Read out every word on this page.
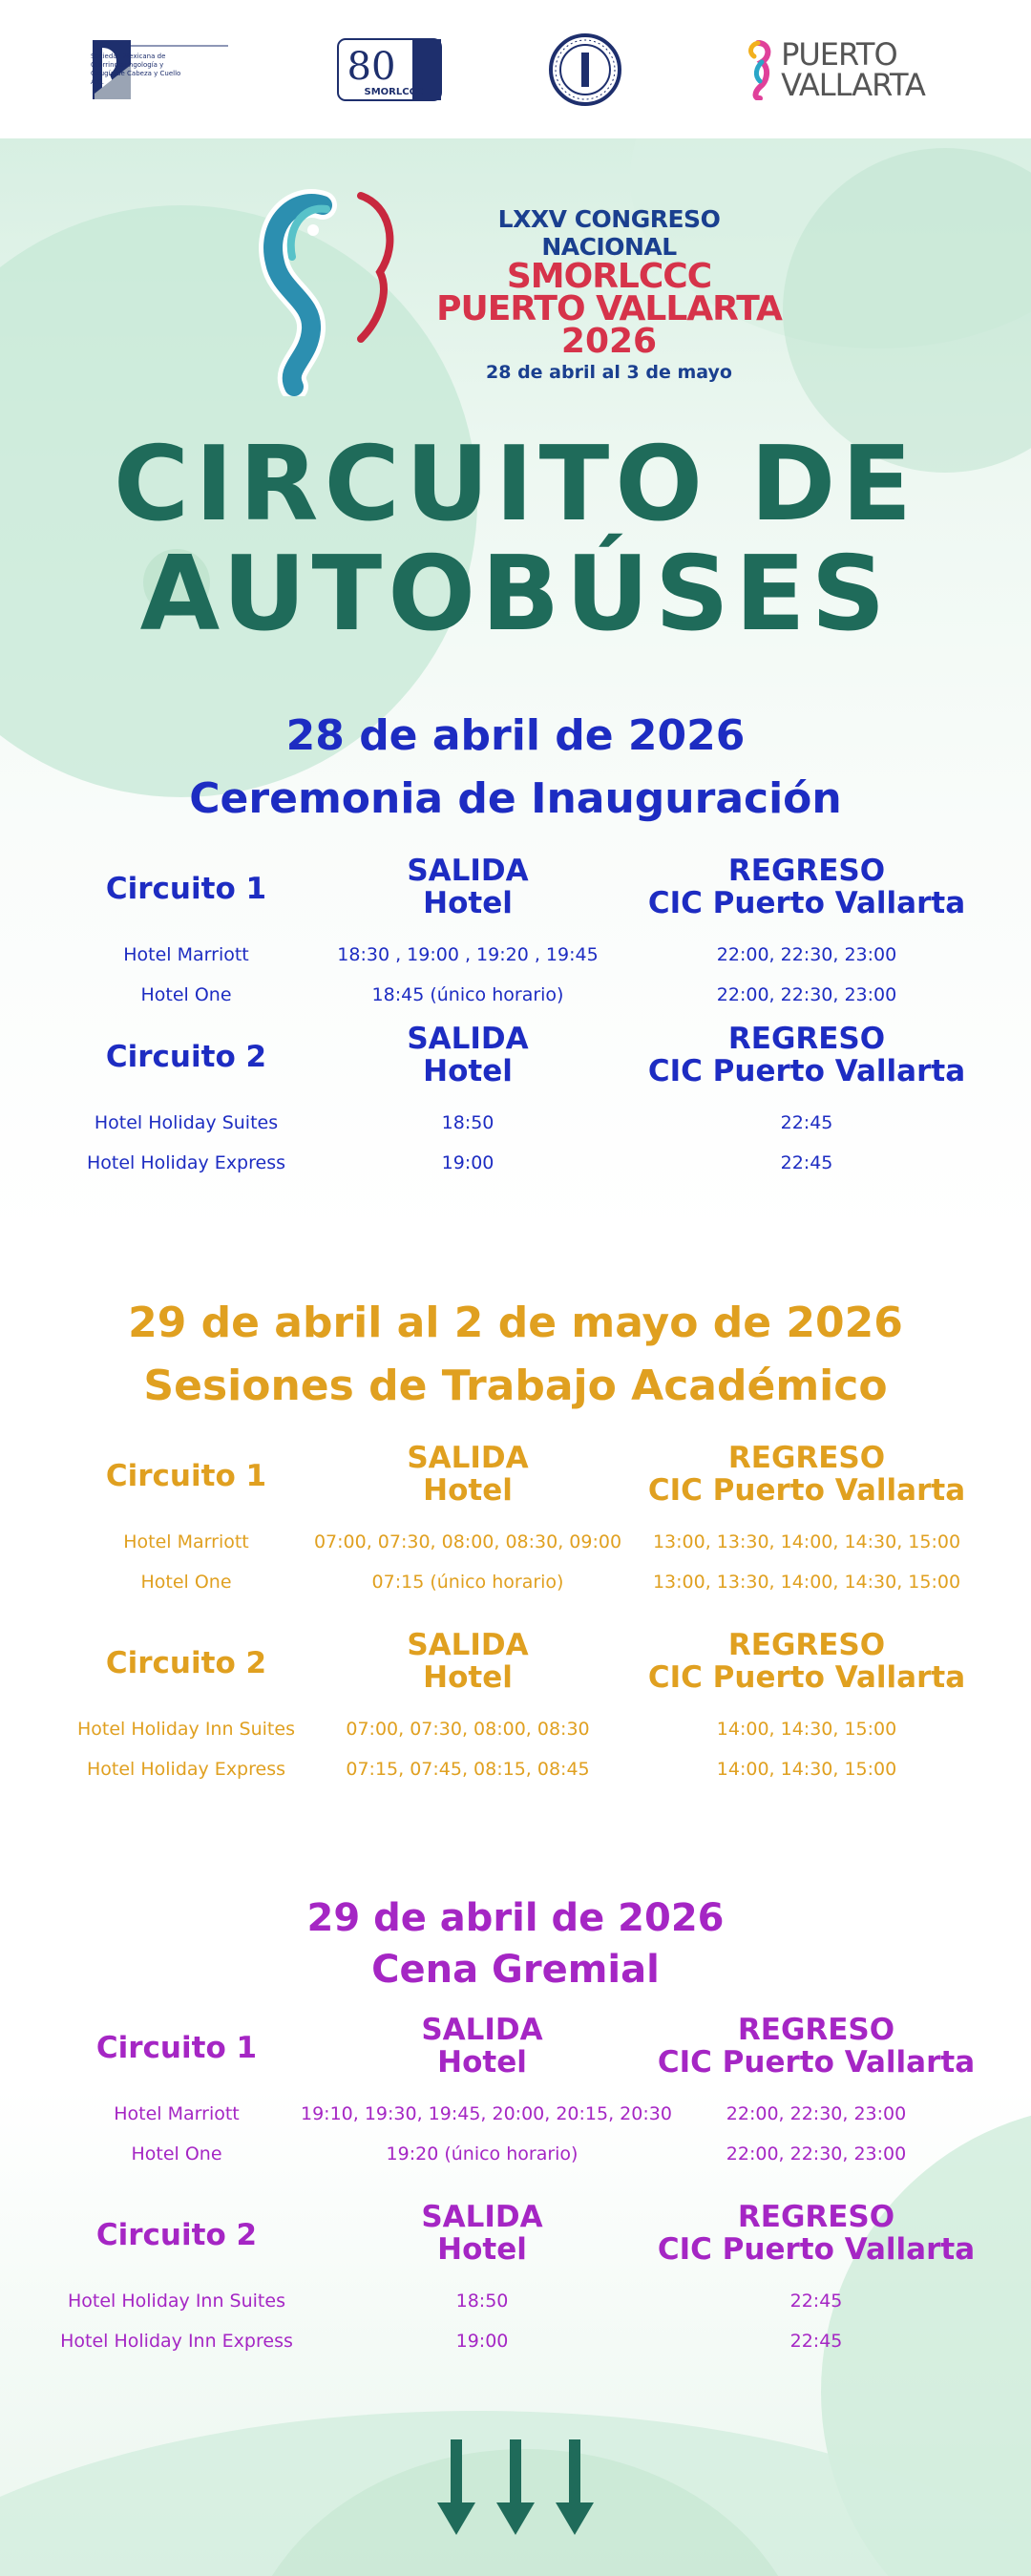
Sociedad Mexicana de Otorrinolaringología y Cirugía de Cabeza y Cuello A.C.	80
SMORLCCC
PUERTO
VALLARTA
LXXV CONGRESO NACIONAL
SMORLCCC
PUERTO VALLARTA
2026
28 de abril al 3 de mayo
CIRCUITO DE
AUTOBÚSES
28 de abril de 2026
Ceremonia de Inauguración
Circuito 1
SALIDA
Hotel
REGRESO
CIC Puerto Vallarta
Hotel Marriott	18:30 , 19:00 , 19:20 , 19:45	22:00, 22:30, 23:00
Hotel One	18:45 (único horario)	22:00, 22:30, 23:00
Circuito 2
SALIDA
Hotel
REGRESO
CIC Puerto Vallarta
Hotel Holiday Suites	18:50	22:45
Hotel Holiday Express	19:00	22:45
29 de abril al 2 de mayo de 2026
Sesiones de Trabajo Académico
Circuito 1
SALIDA
Hotel
REGRESO
CIC Puerto Vallarta
Hotel Marriott	07:00, 07:30, 08:00, 08:30, 09:00	13:00, 13:30, 14:00, 14:30, 15:00
Hotel One	07:15 (único horario)	13:00, 13:30, 14:00, 14:30, 15:00
Circuito 2
SALIDA
Hotel
REGRESO
CIC Puerto Vallarta
Hotel Holiday Inn Suites	07:00, 07:30, 08:00, 08:30	14:00, 14:30, 15:00
Hotel Holiday Express	07:15, 07:45, 08:15, 08:45	14:00, 14:30, 15:00
29 de abril de 2026
Cena Gremial
Circuito 1
SALIDA
Hotel
REGRESO
CIC Puerto Vallarta
Hotel Marriott	19:10, 19:30, 19:45, 20:00, 20:15, 20:30	22:00, 22:30, 23:00
Hotel One	19:20 (único horario)	22:00, 22:30, 23:00
Circuito 2
SALIDA
Hotel
REGRESO
CIC Puerto Vallarta
Hotel Holiday Inn Suites	18:50	22:45
Hotel Holiday Inn Express	19:00	22:45
